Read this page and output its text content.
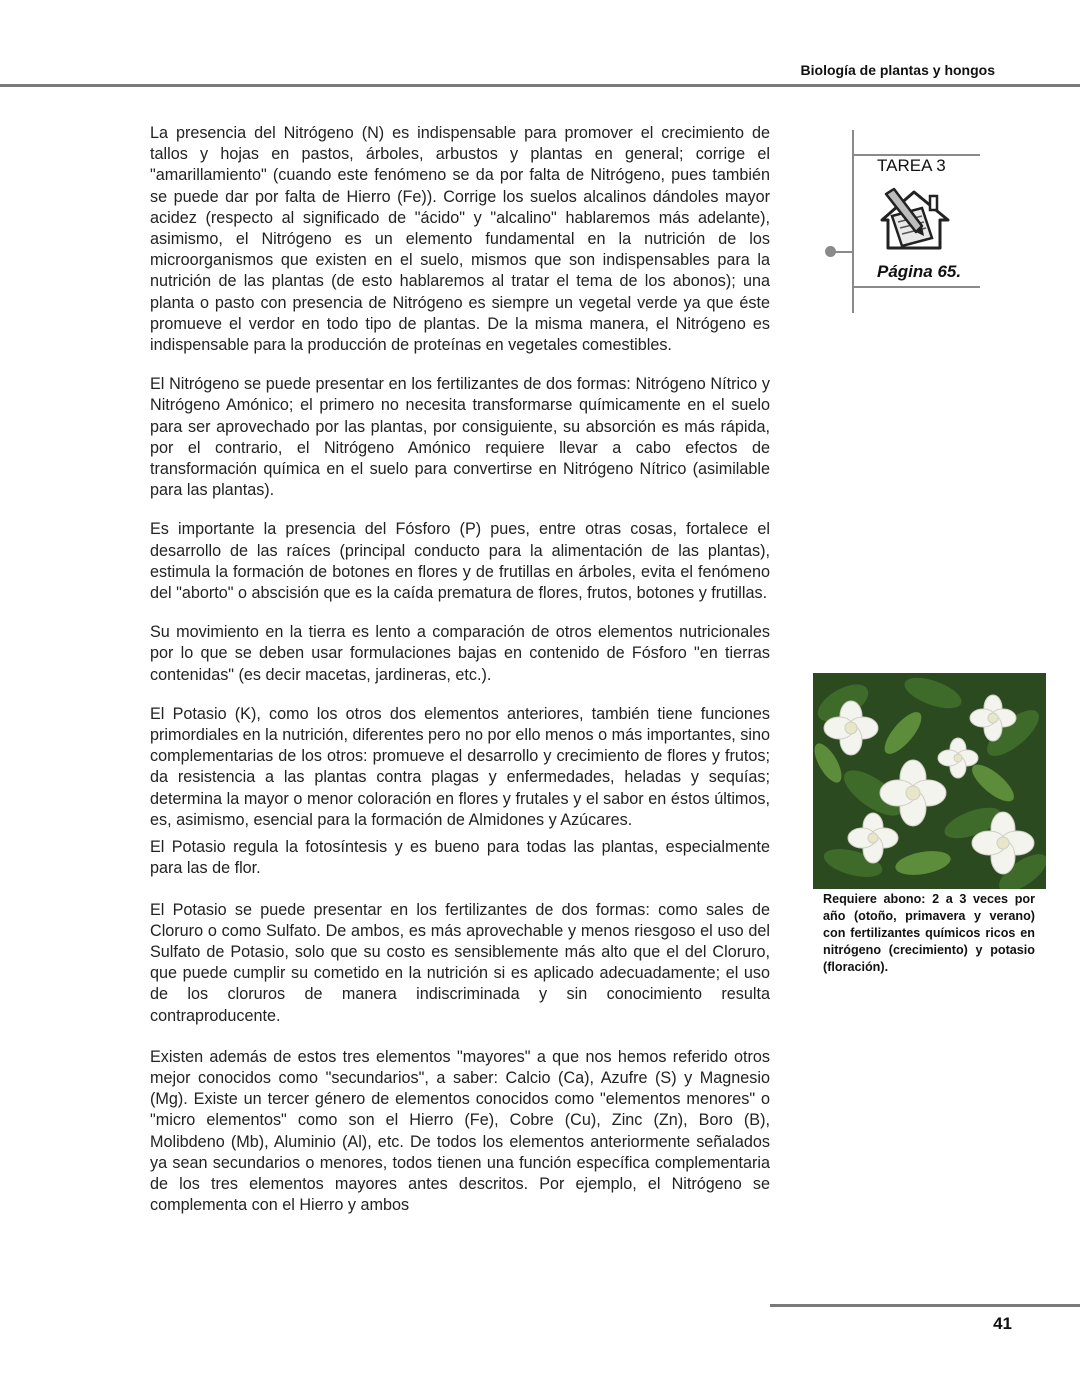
Biología de plantas y hongos

La presencia del Nitrógeno (N) es indispensable para promover el crecimiento de tallos y hojas en pastos, árboles, arbustos y plantas en general; corrige el "amarillamiento" (cuando este fenómeno se da por falta de Nitrógeno, pues también se puede dar por falta de Hierro (Fe)). Corrige los suelos alcalinos dándoles mayor acidez (respecto al significado de "ácido" y "alcalino" hablaremos más adelante), asimismo, el Nitrógeno es un elemento fundamental en la nutrición de los microorganismos que existen en el suelo, mismos que son indispensables para la nutrición de las plantas (de esto hablaremos al tratar el tema de los abonos); una planta o pasto con presencia de Nitrógeno es siempre un vegetal verde ya que éste promueve el verdor en todo tipo de plantas. De la misma manera, el Nitrógeno es indispensable para la producción de proteínas en vegetales comestibles.

El Nitrógeno se puede presentar en los fertilizantes de dos formas: Nitrógeno Nítrico y Nitrógeno Amónico; el primero no necesita transformarse químicamente en el suelo para ser aprovechado por las plantas, por consiguiente, su absorción es más rápida, por el contrario, el Nitrógeno Amónico requiere llevar a cabo efectos de transformación química en el suelo para convertirse en Nitrógeno Nítrico (asimilable para las plantas).

Es importante la presencia del Fósforo (P) pues, entre otras cosas, fortalece el desarrollo de las raíces (principal conducto para la alimentación de las plantas), estimula la formación de botones en flores y de frutillas en árboles, evita el fenómeno del "aborto" o abscisión que es la caída prematura de flores, frutos, botones y frutillas.

Su movimiento en la tierra es lento a comparación de otros elementos nutricionales por lo que se deben usar formulaciones bajas en contenido de Fósforo "en tierras contenidas" (es decir macetas, jardineras, etc.).

El Potasio (K), como los otros dos elementos anteriores, también tiene funciones primordiales en la nutrición, diferentes pero no por ello menos o más importantes, sino complementarias de los otros: promueve el desarrollo y crecimiento de flores y frutos; da resistencia a las plantas contra plagas y enfermedades, heladas y sequías; determina la mayor o menor coloración en flores y frutales y el sabor en éstos últimos, es, asimismo, esencial para la formación de Almidones y Azúcares.

El Potasio regula la fotosíntesis y es bueno para todas las plantas, especialmente para las de flor.

El Potasio se puede presentar en los fertilizantes de dos formas: como sales de Cloruro o como Sulfato. De ambos, es más aprovechable y menos riesgoso el uso del Sulfato de Potasio, solo que su costo es sensiblemente más alto que el del Cloruro, que puede cumplir su cometido en la nutrición si es aplicado adecuadamente; el uso de los cloruros de manera indiscriminada y sin conocimiento resulta contraproducente.

Existen además de estos tres elementos "mayores" a que nos hemos referido otros mejor conocidos como "secundarios", a saber: Calcio (Ca), Azufre (S) y Magnesio (Mg). Existe un tercer género de elementos conocidos como "elementos menores" o "micro elementos" como son el Hierro (Fe), Cobre (Cu), Zinc (Zn), Boro (B), Molibdeno (Mb), Aluminio (Al), etc. De todos los elementos anteriormente señalados ya sean secundarios o menores, todos tienen una función específica complementaria de los tres elementos mayores antes descritos. Por ejemplo, el Nitrógeno se complementa con el Hierro y ambos

TAREA 3
Página 65.
Requiere abono: 2 a 3 veces por año (otoño, primavera y verano) con fertilizantes químicos ricos en nitrógeno (crecimiento) y potasio (floración).
41
